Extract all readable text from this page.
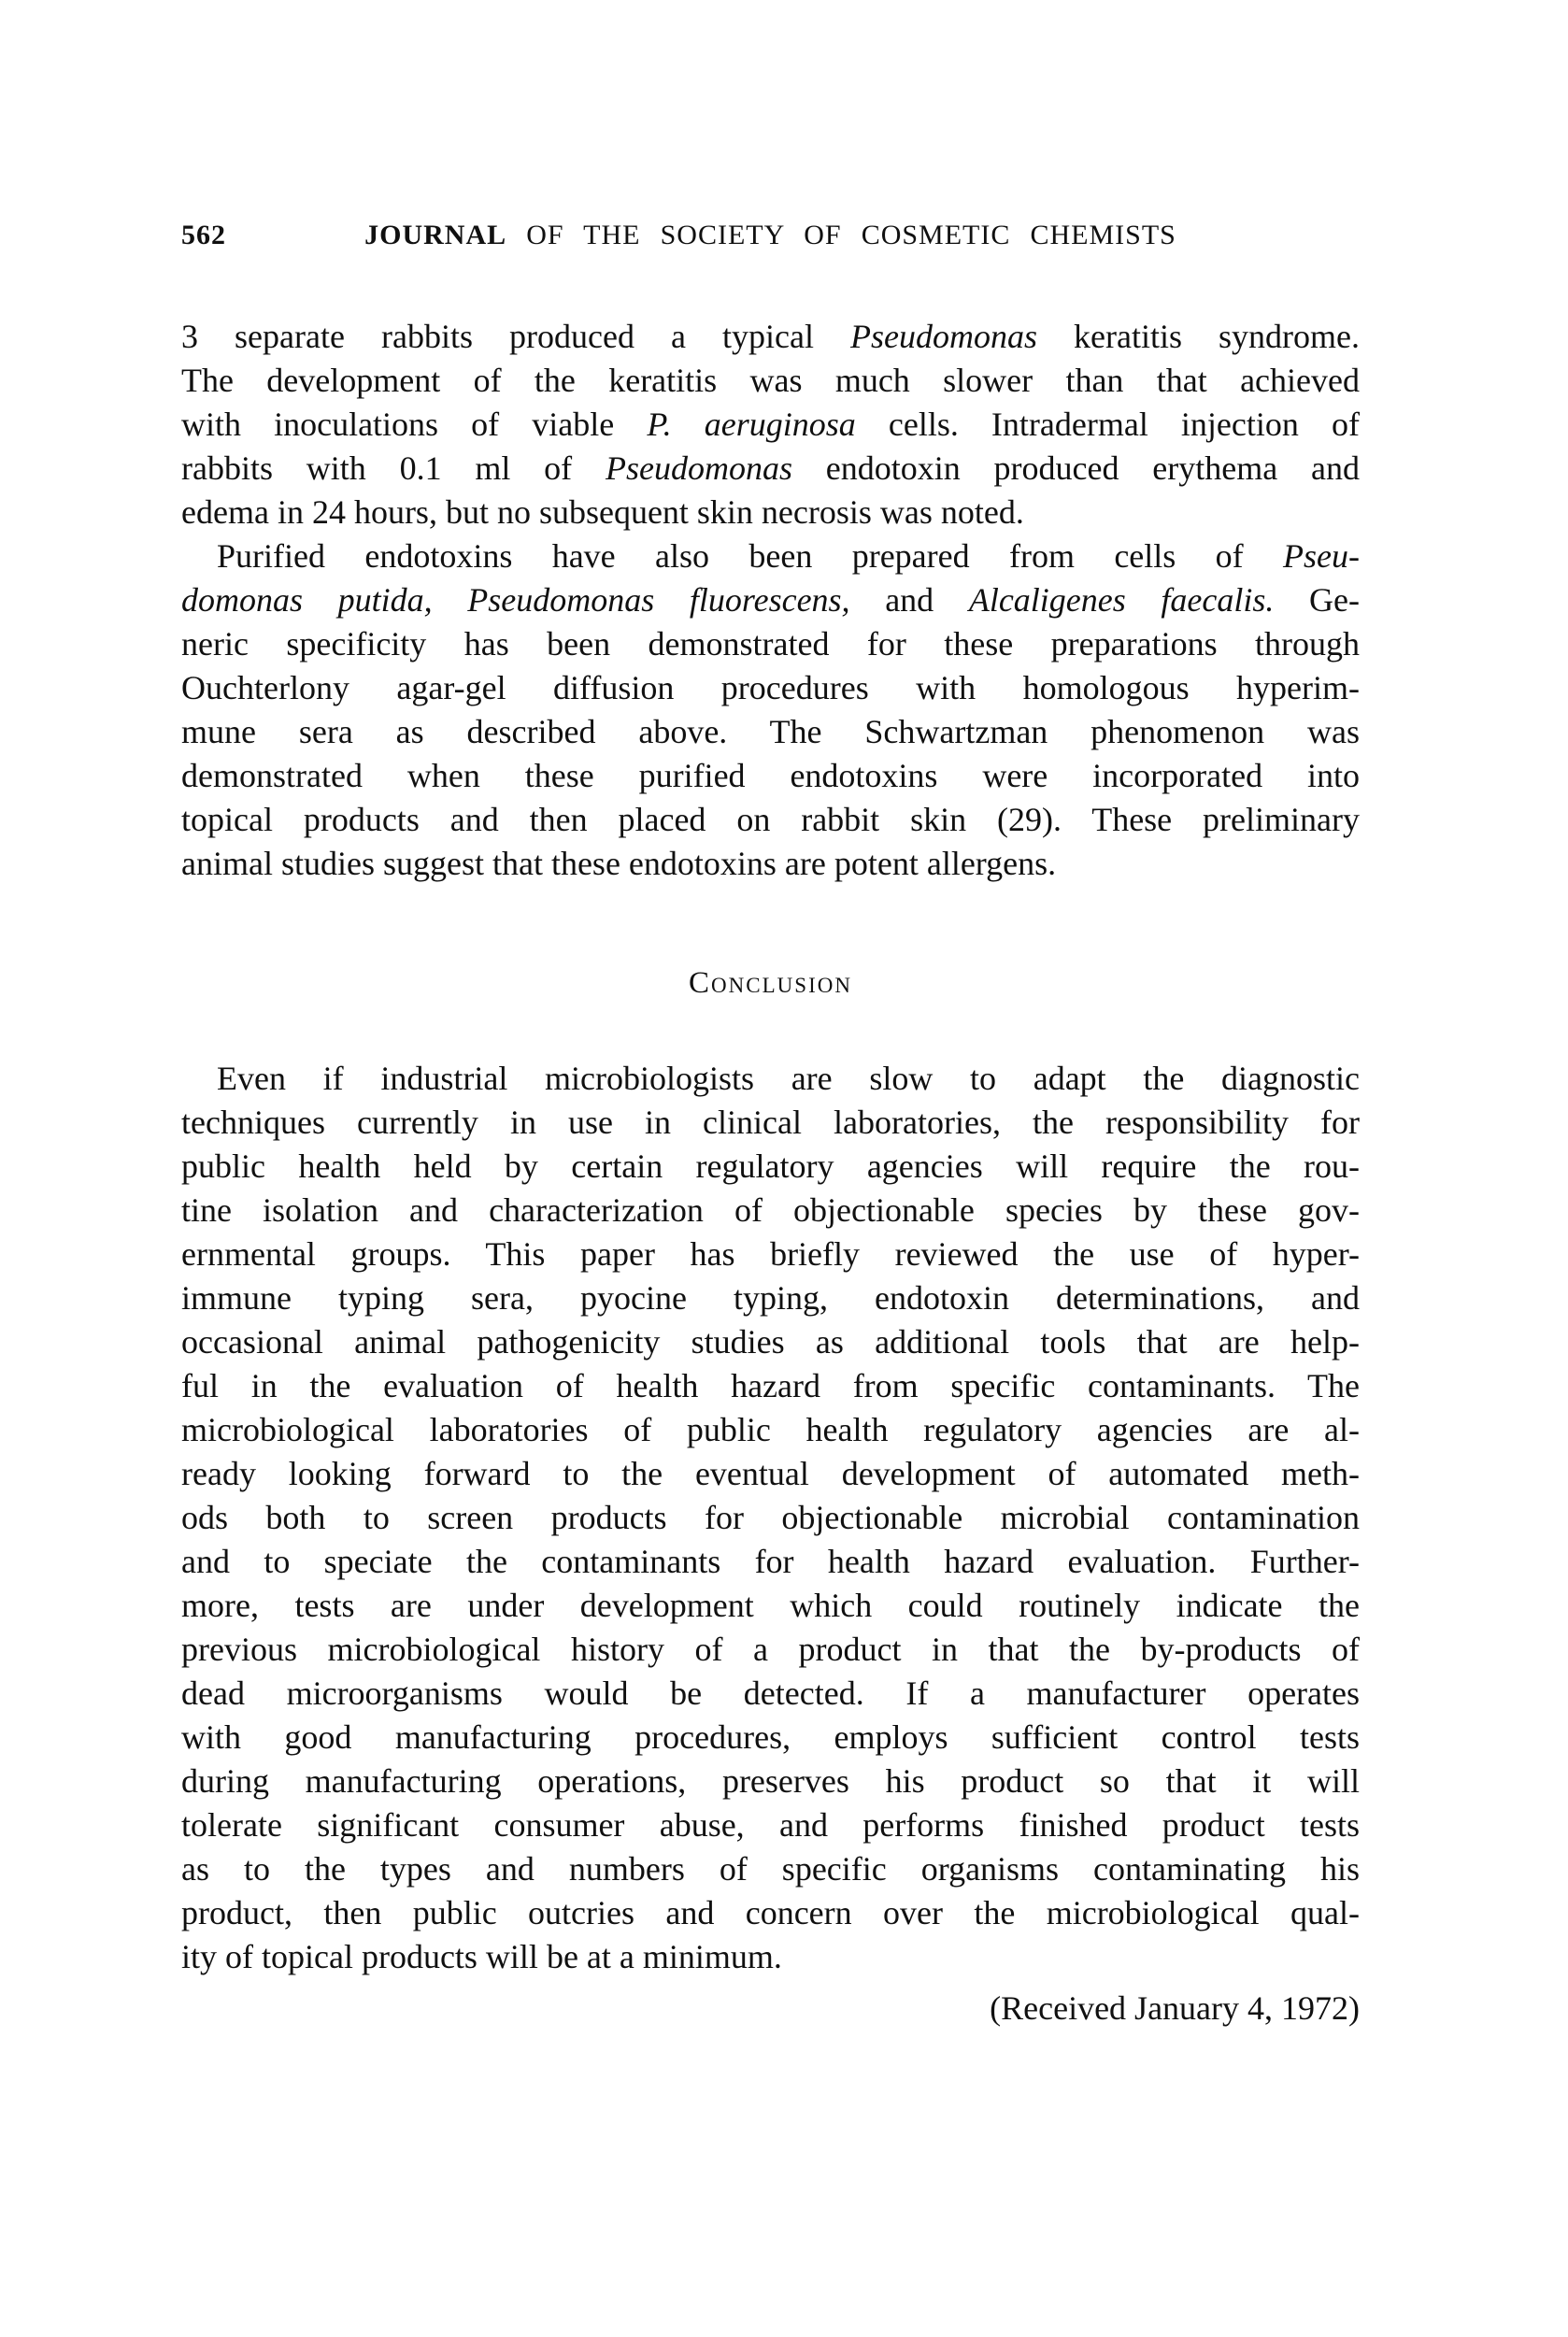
562	JOURNAL OF THE SOCIETY OF COSMETIC CHEMISTS
3 separate rabbits produced a typical Pseudomonas keratitis syndrome.
The development of the keratitis was much slower than that achieved
with inoculations of viable P. aeruginosa cells. Intradermal injection of
rabbits with 0.1 ml of Pseudomonas endotoxin produced erythema and
edema in 24 hours, but no subsequent skin necrosis was noted.
Purified endotoxins have also been prepared from cells of Pseu-
domonas putida, Pseudomonas fluorescens, and Alcaligenes faecalis. Ge-
neric specificity has been demonstrated for these preparations through
Ouchterlony agar-gel diffusion procedures with homologous hyperim-
mune sera as described above. The Schwartzman phenomenon was
demonstrated when these purified endotoxins were incorporated into
topical products and then placed on rabbit skin (29). These preliminary
animal studies suggest that these endotoxins are potent allergens.
Conclusion
Even if industrial microbiologists are slow to adapt the diagnostic
techniques currently in use in clinical laboratories, the responsibility for
public health held by certain regulatory agencies will require the rou-
tine isolation and characterization of objectionable species by these gov-
ernmental groups. This paper has briefly reviewed the use of hyper-
immune typing sera, pyocine typing, endotoxin determinations, and
occasional animal pathogenicity studies as additional tools that are help-
ful in the evaluation of health hazard from specific contaminants. The
microbiological laboratories of public health regulatory agencies are al-
ready looking forward to the eventual development of automated meth-
ods both to screen products for objectionable microbial contamination
and to speciate the contaminants for health hazard evaluation. Further-
more, tests are under development which could routinely indicate the
previous microbiological history of a product in that the by-products of
dead microorganisms would be detected. If a manufacturer operates
with good manufacturing procedures, employs sufficient control tests
during manufacturing operations, preserves his product so that it will
tolerate significant consumer abuse, and performs finished product tests
as to the types and numbers of specific organisms contaminating his
product, then public outcries and concern over the microbiological qual-
ity of topical products will be at a minimum.
(Received January 4, 1972)
